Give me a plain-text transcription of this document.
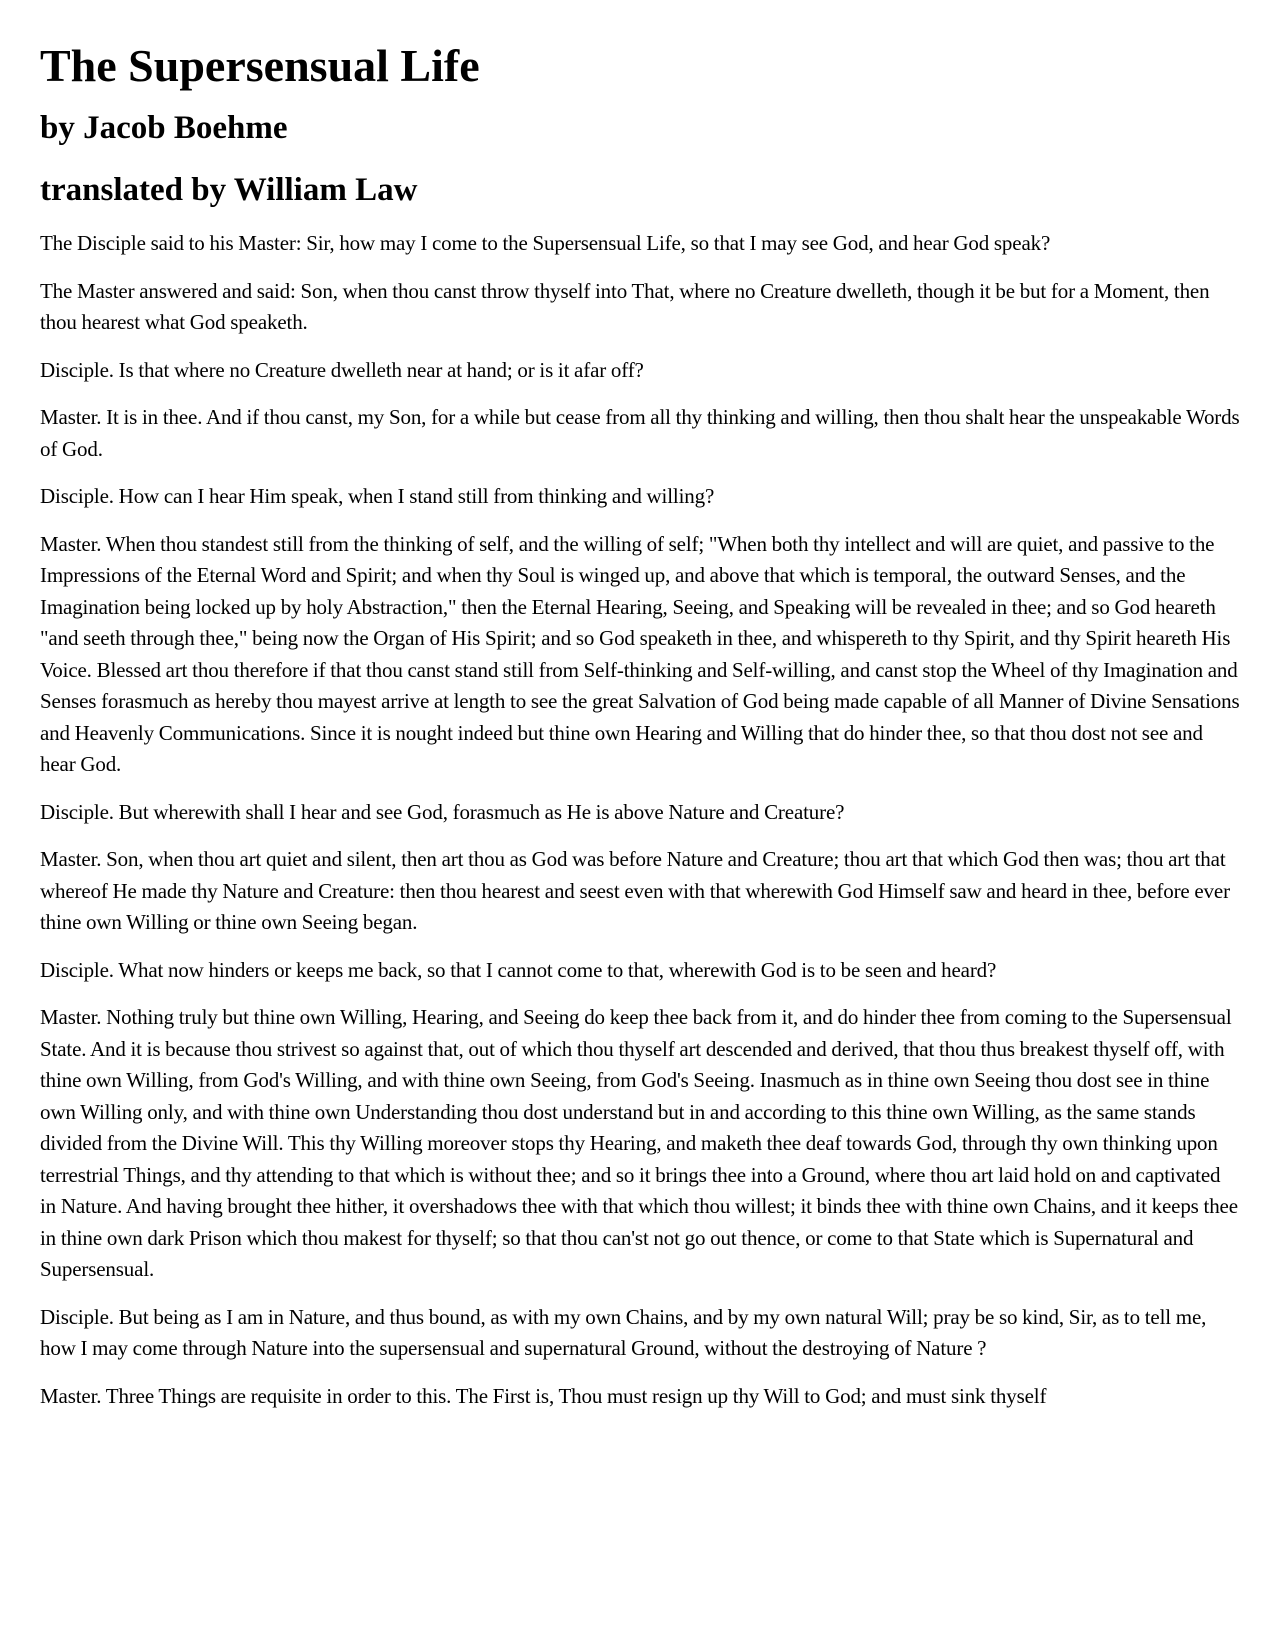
The Supersensual Life
by Jacob Boehme
translated by William Law

The Disciple said to his Master: Sir, how may I come to the Supersensual Life, so that I may see God, and hear God speak?

The Master answered and said: Son, when thou canst throw thyself into That, where no Creature dwelleth, though it be but for a Moment, then thou hearest what God speaketh.

Disciple. Is that where no Creature dwelleth near at hand; or is it afar off?

Master. It is in thee. And if thou canst, my Son, for a while but cease from all thy thinking and willing, then thou shalt hear the unspeakable Words of God.

Disciple. How can I hear Him speak, when I stand still from thinking and willing?

Master. When thou standest still from the thinking of self, and the willing of self; "When both thy intellect and will are quiet, and passive to the Impressions of the Eternal Word and Spirit; and when thy Soul is winged up, and above that which is temporal, the outward Senses, and the Imagination being locked up by holy Abstraction," then the Eternal Hearing, Seeing, and Speaking will be revealed in thee; and so God heareth "and seeth through thee," being now the Organ of His Spirit; and so God speaketh in thee, and whispereth to thy Spirit, and thy Spirit heareth His Voice. Blessed art thou therefore if that thou canst stand still from Self-thinking and Self-willing, and canst stop the Wheel of thy Imagination and Senses forasmuch as hereby thou mayest arrive at length to see the great Salvation of God being made capable of all Manner of Divine Sensations and Heavenly Communications. Since it is nought indeed but thine own Hearing and Willing that do hinder thee, so that thou dost not see and hear God.

Disciple. But wherewith shall I hear and see God, forasmuch as He is above Nature and Creature?

Master. Son, when thou art quiet and silent, then art thou as God was before Nature and Creature; thou art that which God then was; thou art that whereof He made thy Nature and Creature: then thou hearest and seest even with that wherewith God Himself saw and heard in thee, before ever thine own Willing or thine own Seeing began.

Disciple. What now hinders or keeps me back, so that I cannot come to that, wherewith God is to be seen and heard?

Master. Nothing truly but thine own Willing, Hearing, and Seeing do keep thee back from it, and do hinder thee from coming to the Supersensual State. And it is because thou strivest so against that, out of which thou thyself art descended and derived, that thou thus breakest thyself off, with thine own Willing, from God's Willing, and with thine own Seeing, from God's Seeing. Inasmuch as in thine own Seeing thou dost see in thine own Willing only, and with thine own Understanding thou dost understand but in and according to this thine own Willing, as the same stands divided from the Divine Will. This thy Willing moreover stops thy Hearing, and maketh thee deaf towards God, through thy own thinking upon terrestrial Things, and thy attending to that which is without thee; and so it brings thee into a Ground, where thou art laid hold on and captivated in Nature. And having brought thee hither, it overshadows thee with that which thou willest; it binds thee with thine own Chains, and it keeps thee in thine own dark Prison which thou makest for thyself; so that thou can'st not go out thence, or come to that State which is Supernatural and Supersensual.

Disciple. But being as I am in Nature, and thus bound, as with my own Chains, and by my own natural Will; pray be so kind, Sir, as to tell me, how I may come through Nature into the supersensual and supernatural Ground, without the destroying of Nature ?

Master. Three Things are requisite in order to this. The First is, Thou must resign up thy Will to God; and must sink thyself
